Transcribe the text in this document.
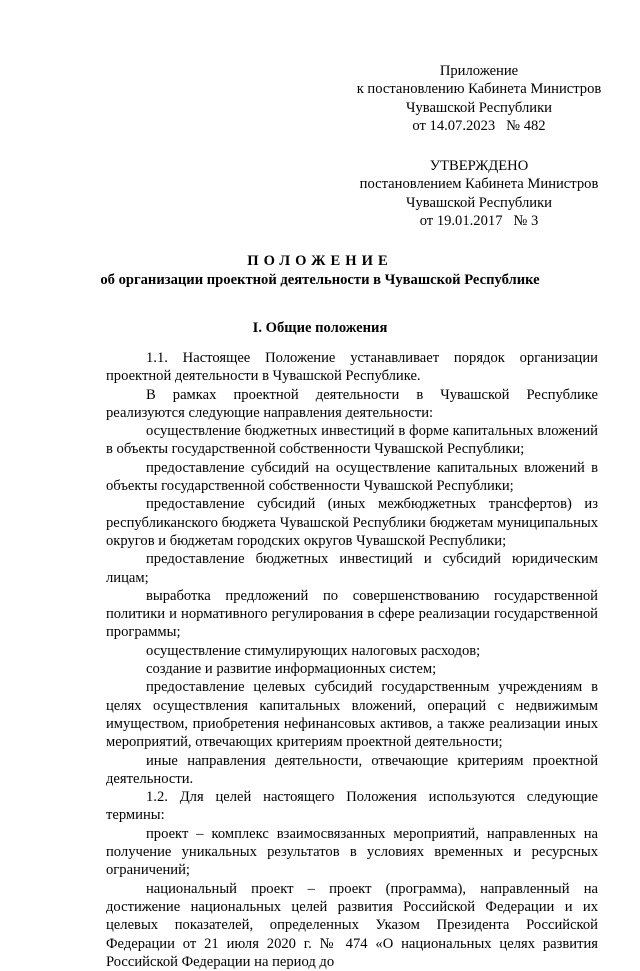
Приложение
к постановлению Кабинета Министров
Чувашской Республики
от 14.07.2023   № 482
УТВЕРЖДЕНО
постановлением Кабинета Министров
Чувашской Республики
от 19.01.2017   № 3
ПОЛОЖЕНИЕ
об организации проектной деятельности в Чувашской Республике
I. Общие положения

1.1. Настоящее Положение устанавливает порядок организации проектной деятельности в Чувашской Республике.

В рамках проектной деятельности в Чувашской Республике реализуются следующие направления деятельности:

осуществление бюджетных инвестиций в форме капитальных вложений в объекты государственной собственности Чувашской Республики;

предоставление субсидий на осуществление капитальных вложений в объекты государственной собственности Чувашской Республики;

предоставление субсидий (иных межбюджетных трансфертов) из республиканского бюджета Чувашской Республики бюджетам муниципальных округов и бюджетам городских округов Чувашской Республики;

предоставление бюджетных инвестиций и субсидий юридическим лицам;

выработка предложений по совершенствованию государственной политики и нормативного регулирования в сфере реализации государственной программы;

осуществление стимулирующих налоговых расходов;

создание и развитие информационных систем;

предоставление целевых субсидий государственным учреждениям в целях осуществления капитальных вложений, операций с недвижимым имуществом, приобретения нефинансовых активов, а также реализации иных мероприятий, отвечающих критериям проектной деятельности;

иные направления деятельности, отвечающие критериям проектной деятельности.

1.2. Для целей настоящего Положения используются следующие термины:

проект – комплекс взаимосвязанных мероприятий, направленных на получение уникальных результатов в условиях временных и ресурсных ограничений;

национальный проект – проект (программа), направленный на достижение национальных целей развития Российской Федерации и их целевых показателей, определенных Указом Президента Российской Федерации от 21 июля 2020 г. № 474 «О национальных целях развития Российской Федерации на период до
